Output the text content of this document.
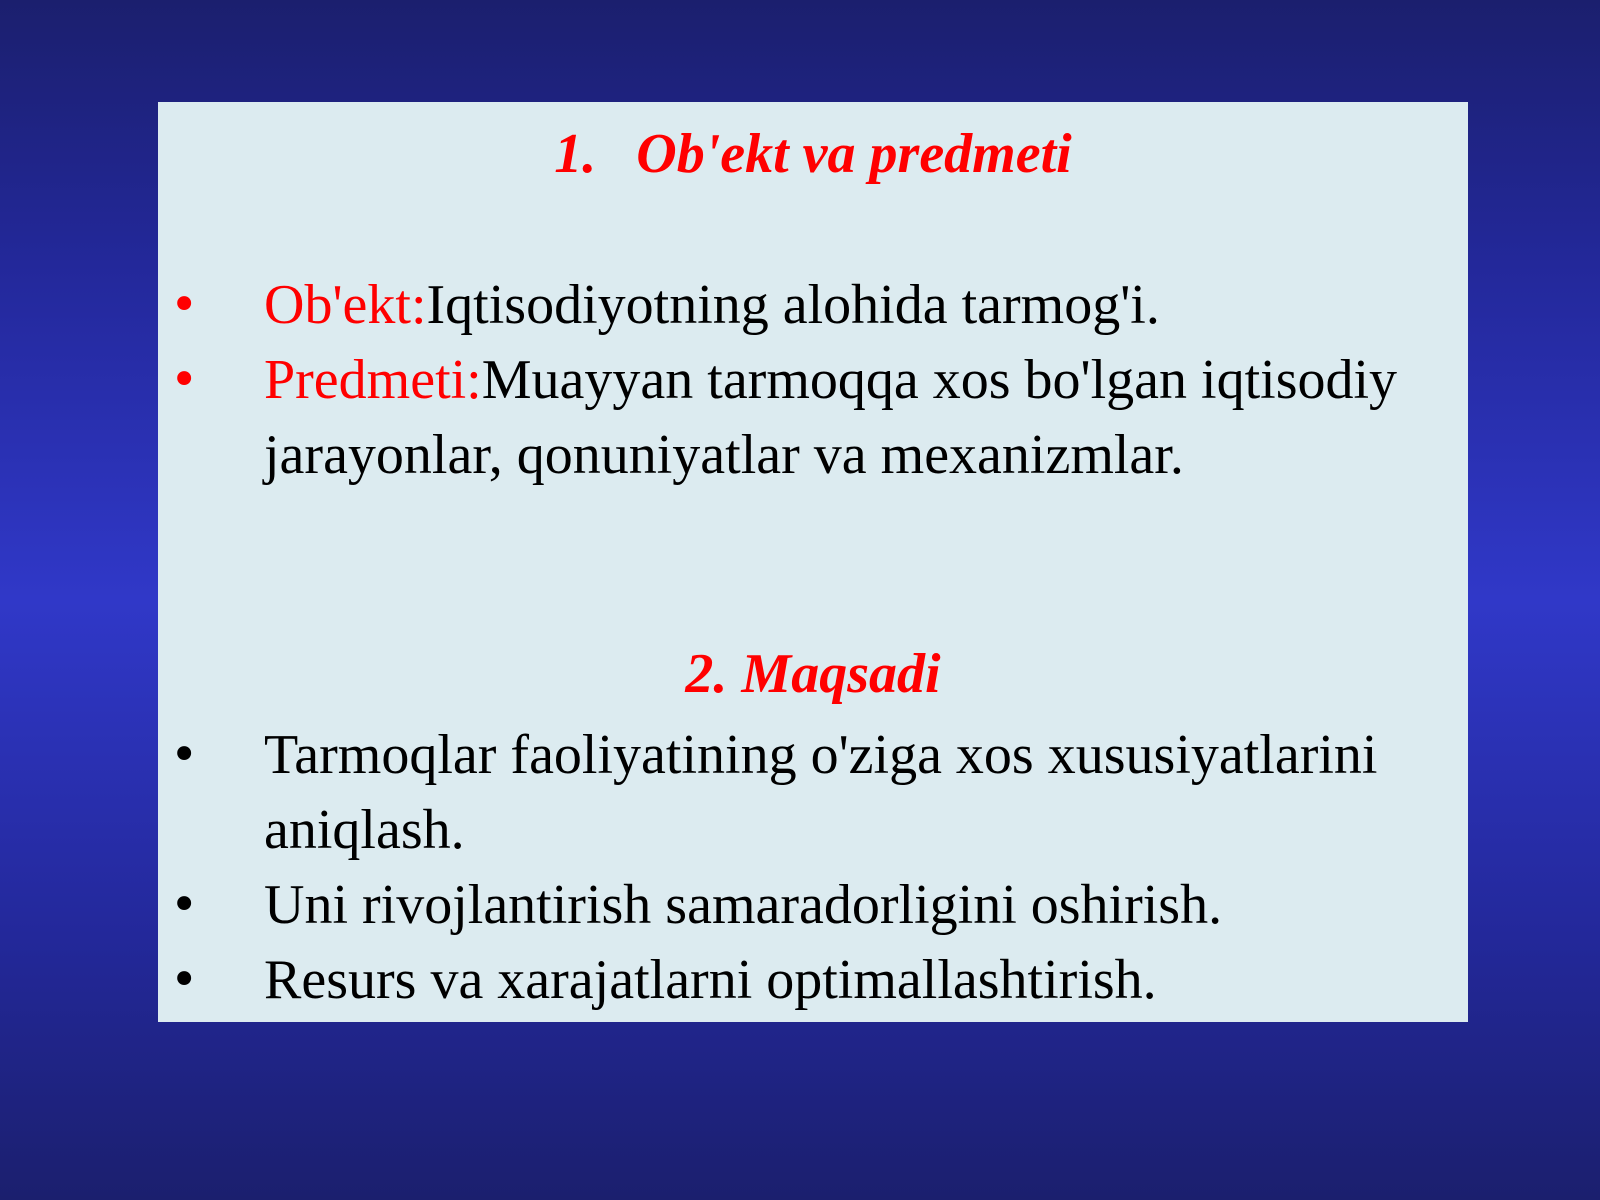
1. Ob'ekt va predmeti
• Ob'ekt:Iqtisodiyotning alohida tarmog'i.
• Predmeti:Muayyan tarmoqqa xos bo'lgan iqtisodiy jarayonlar, qonuniyatlar va mexanizmlar.
2. Maqsadi
• Tarmoqlar faoliyatining o'ziga xos xususiyatlarini aniqlash.
• Uni rivojlantirish samaradorligini oshirish.
• Resurs va xarajatlarni optimallashtirish.
